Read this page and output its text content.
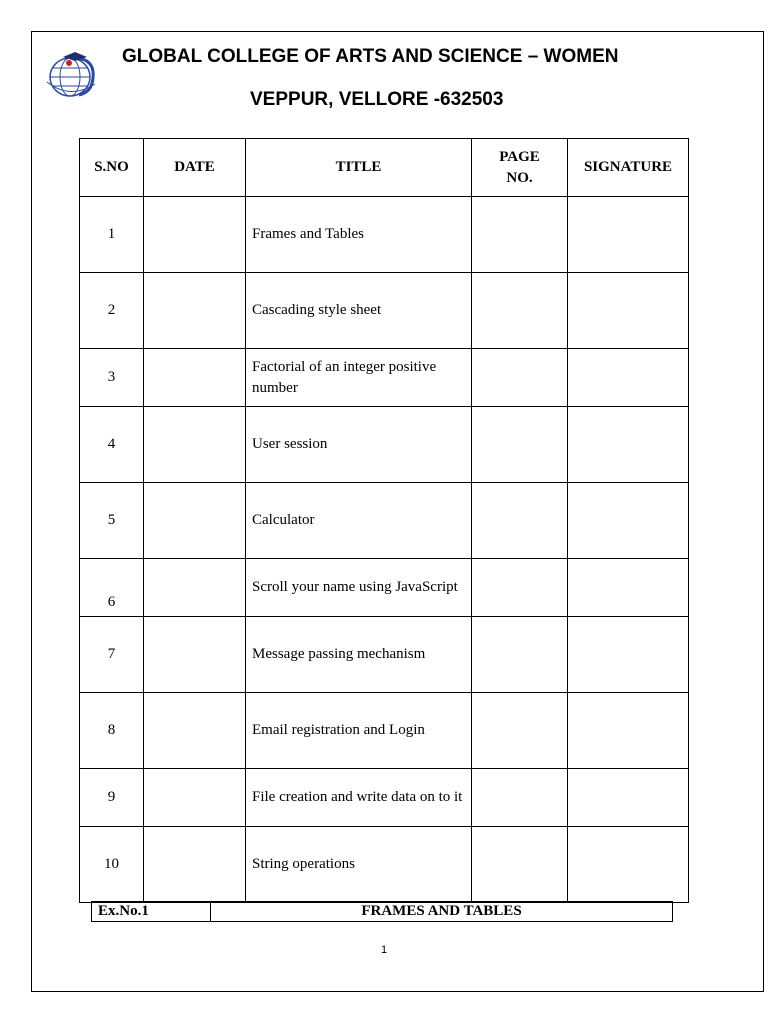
GLOBAL COLLEGE OF ARTS AND SCIENCE – WOMEN
VEPPUR, VELLORE -632503
S.NO	DATE	TITLE	PAGE NO.	SIGNATURE
1		Frames and Tables		
2		Cascading style sheet		
3		Factorial of an integer positive number		
4		User session		
5		Calculator		
6		Scroll your name using JavaScript		
7		Message passing mechanism		
8		Email registration and Login		
9		File creation and write data on to it		
10		String operations		
Ex.No.1	FRAMES AND TABLES
1
